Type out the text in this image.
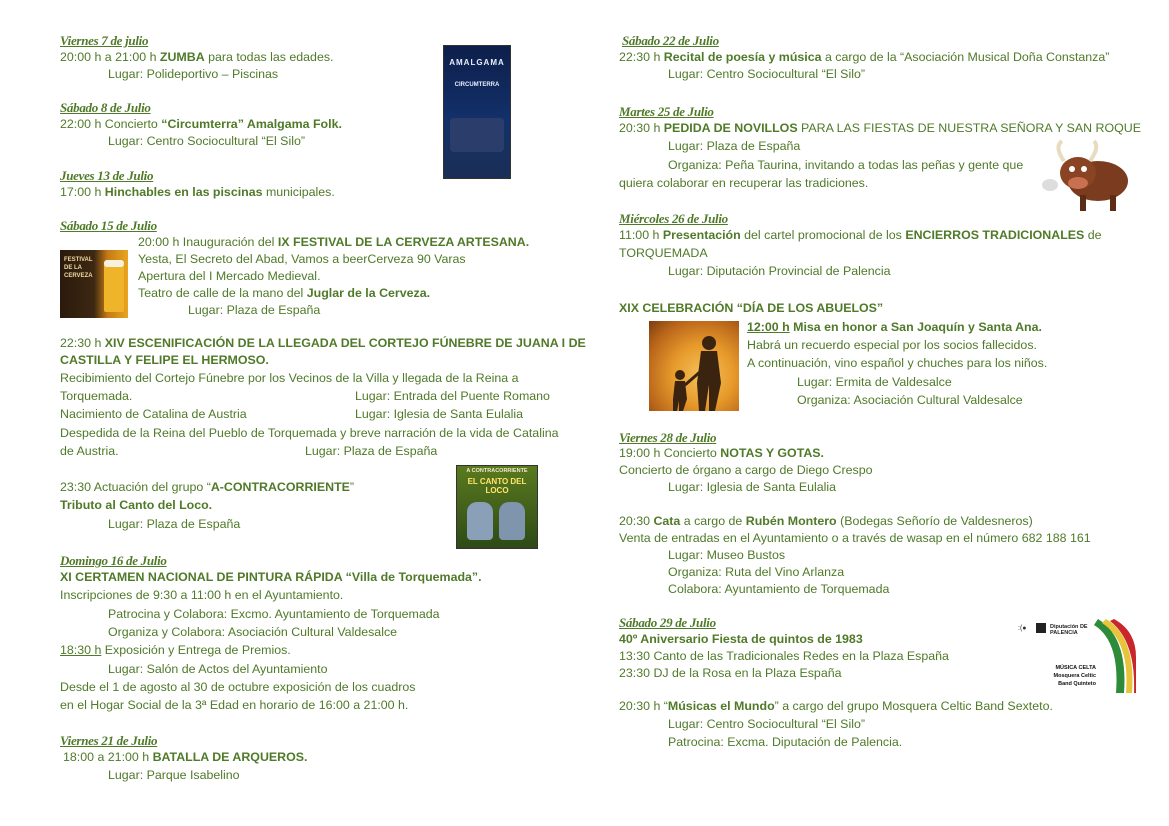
Viernes 7 de julio
20:00 h a 21:00 h ZUMBA para todas las edades.
Lugar: Polideportivo – Piscinas
Sábado 8 de Julio
22:00 h Concierto “Circumterra” Amalgama Folk.
Lugar: Centro Sociocultural “El Silo”
Jueves 13 de Julio
17:00 h Hinchables en las piscinas municipales.
Sábado 15 de Julio
20:00 h Inauguración del IX FESTIVAL DE LA CERVEZA ARTESANA.
Yesta, El Secreto del Abad, Vamos a beerCerveza 90 Varas
Apertura del I Mercado Medieval.
Teatro de calle de la mano del Juglar de la Cerveza.
Lugar: Plaza de España
22:30 h XIV ESCENIFICACIÓN DE LA LLEGADA DEL CORTEJO FÚNEBRE DE JUANA I DE
CASTILLA Y FELIPE EL HERMOSO.
Recibimiento del Cortejo Fúnebre por los Vecinos de la Villa y llegada de la Reina a
Torquemada.	Lugar: Entrada del Puente Romano
Nacimiento de Catalina de Austria	Lugar: Iglesia de Santa Eulalia
Despedida de la Reina del Pueblo de Torquemada y breve narración de la vida de Catalina
de Austria.	Lugar: Plaza de España
23:30 Actuación del grupo “A-CONTRACORRIENTE”
Tributo al Canto del Loco.
Lugar: Plaza de España
Domingo 16 de Julio
XI CERTAMEN NACIONAL DE PINTURA RÁPIDA “Villa de Torquemada”.
Inscripciones de 9:30 a 11:00 h en el Ayuntamiento.
Patrocina y Colabora: Excmo. Ayuntamiento de Torquemada
Organiza y Colabora: Asociación Cultural Valdesalce
18:30 h Exposición y Entrega de Premios.
Lugar: Salón de Actos del Ayuntamiento
Desde el 1 de agosto al 30 de octubre exposición de los cuadros
en el Hogar Social de la 3ª Edad en horario de 16:00 a 21:00 h.
Viernes 21 de Julio
18:00 a 21:00 h BATALLA DE ARQUEROS.
Lugar: Parque Isabelino
AMALGAMA
CIRCUMTERRA
FESTIVAL DE LA CERVEZA
A CONTRACORRIENTE
EL CANTO DEL LOCO
Sábado 22 de Julio
22:30 h Recital de poesía y música a cargo de la “Asociación Musical Doña Constanza”
Lugar: Centro Sociocultural “El Silo”
Martes 25 de Julio
20:30 h PEDIDA DE NOVILLOS PARA LAS FIESTAS DE NUESTRA SEÑORA Y SAN ROQUE
Lugar: Plaza de España
Organiza: Peña Taurina, invitando a todas las peñas y gente que
quiera colaborar en recuperar las tradiciones.
Miércoles 26 de Julio
11:00 h Presentación del cartel promocional de los ENCIERROS TRADICIONALES de
TORQUEMADA
Lugar: Diputación Provincial de Palencia
XIX CELEBRACIÓN “DÍA DE LOS ABUELOS”
12:00 h Misa en honor a San Joaquín y Santa Ana.
Habrá un recuerdo especial por los socios fallecidos.
A continuación, vino español y chuches para los niños.
Lugar: Ermita de Valdesalce
Organiza: Asociación Cultural Valdesalce
Viernes 28 de Julio
19:00 h Concierto NOTAS Y GOTAS.
Concierto de órgano a cargo de Diego Crespo
Lugar: Iglesia de Santa Eulalia
20:30 Cata a cargo de Rubén Montero (Bodegas Señorío de Valdesneros)
Venta de entradas en el Ayuntamiento o a través de wasap en el número 682 188 161
Lugar: Museo Bustos
Organiza: Ruta del Vino Arlanza
Colabora: Ayuntamiento de Torquemada
Sábado 29 de Julio
40º Aniversario Fiesta de quintos de 1983
13:30 Canto de las Tradicionales Redes en la Plaza España
23:30 DJ de la Rosa en la Plaza España
20:30 h “Músicas el Mundo” a cargo del grupo Mosquera Celtic Band Sexteto.
Lugar: Centro Sociocultural “El Silo”
Patrocina: Excma. Diputación de Palencia.
:(●	Diputación DE PALENCIA
MÚSICA CELTA
Mosquera Celtic
Band Quinteto
